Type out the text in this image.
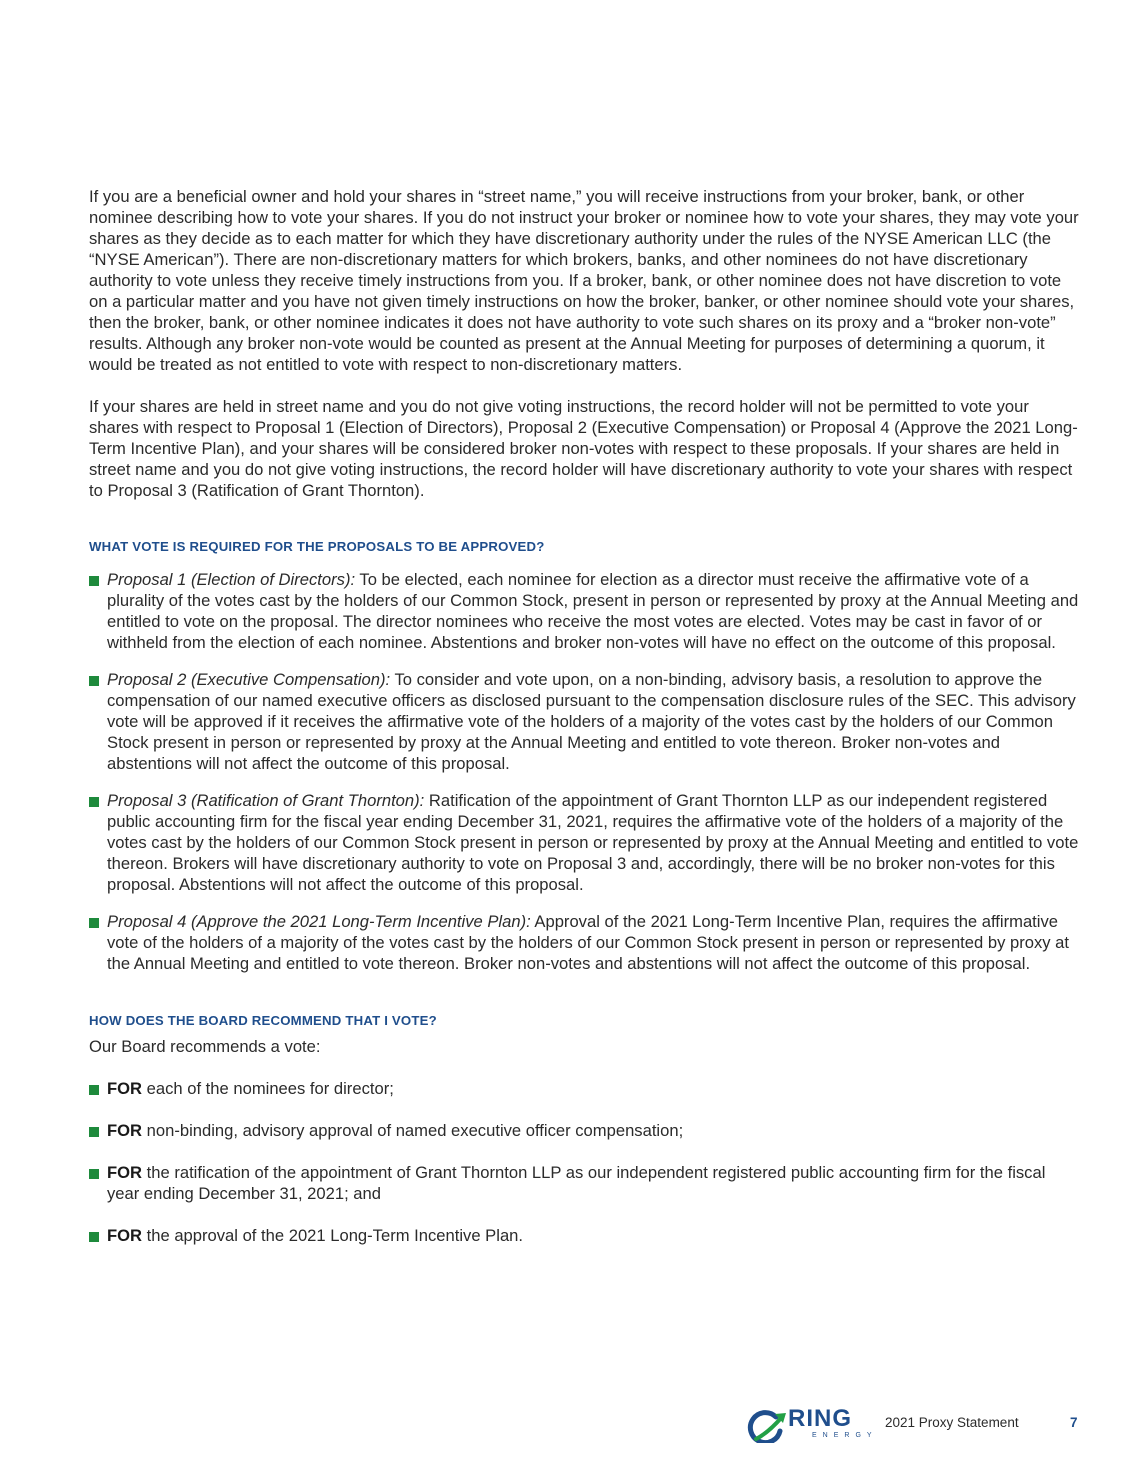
If you are a beneficial owner and hold your shares in “street name,” you will receive instructions from your broker, bank, or other nominee describing how to vote your shares. If you do not instruct your broker or nominee how to vote your shares, they may vote your shares as they decide as to each matter for which they have discretionary authority under the rules of the NYSE American LLC (the “NYSE American”). There are non-discretionary matters for which brokers, banks, and other nominees do not have discretionary authority to vote unless they receive timely instructions from you. If a broker, bank, or other nominee does not have discretion to vote on a particular matter and you have not given timely instructions on how the broker, banker, or other nominee should vote your shares, then the broker, bank, or other nominee indicates it does not have authority to vote such shares on its proxy and a “broker non-vote” results. Although any broker non-vote would be counted as present at the Annual Meeting for purposes of determining a quorum, it would be treated as not entitled to vote with respect to non-discretionary matters.

If your shares are held in street name and you do not give voting instructions, the record holder will not be permitted to vote your shares with respect to Proposal 1 (Election of Directors), Proposal 2 (Executive Compensation) or Proposal 4 (Approve the 2021 Long-Term Incentive Plan), and your shares will be considered broker non-votes with respect to these proposals. If your shares are held in street name and you do not give voting instructions, the record holder will have discretionary authority to vote your shares with respect to Proposal 3 (Ratification of Grant Thornton).

WHAT VOTE IS REQUIRED FOR THE PROPOSALS TO BE APPROVED?
Proposal 1 (Election of Directors): To be elected, each nominee for election as a director must receive the affirmative vote of a plurality of the votes cast by the holders of our Common Stock, present in person or represented by proxy at the Annual Meeting and entitled to vote on the proposal. The director nominees who receive the most votes are elected. Votes may be cast in favor of or withheld from the election of each nominee. Abstentions and broker non-votes will have no effect on the outcome of this proposal.
Proposal 2 (Executive Compensation): To consider and vote upon, on a non-binding, advisory basis, a resolution to approve the compensation of our named executive officers as disclosed pursuant to the compensation disclosure rules of the SEC. This advisory vote will be approved if it receives the affirmative vote of the holders of a majority of the votes cast by the holders of our Common Stock present in person or represented by proxy at the Annual Meeting and entitled to vote thereon. Broker non-votes and abstentions will not affect the outcome of this proposal.
Proposal 3 (Ratification of Grant Thornton): Ratification of the appointment of Grant Thornton LLP as our independent registered public accounting firm for the fiscal year ending December 31, 2021, requires the affirmative vote of the holders of a majority of the votes cast by the holders of our Common Stock present in person or represented by proxy at the Annual Meeting and entitled to vote thereon. Brokers will have discretionary authority to vote on Proposal 3 and, accordingly, there will be no broker non-votes for this proposal. Abstentions will not affect the outcome of this proposal.
Proposal 4 (Approve the 2021 Long-Term Incentive Plan): Approval of the 2021 Long-Term Incentive Plan, requires the affirmative vote of the holders of a majority of the votes cast by the holders of our Common Stock present in person or represented by proxy at the Annual Meeting and entitled to vote thereon. Broker non-votes and abstentions will not affect the outcome of this proposal.
HOW DOES THE BOARD RECOMMEND THAT I VOTE?

Our Board recommends a vote:

FOR each of the nominees for director;
FOR non-binding, advisory approval of named executive officer compensation;
FOR the ratification of the appointment of Grant Thornton LLP as our independent registered public accounting firm for the fiscal year ending December 31, 2021; and
FOR the approval of the 2021 Long-Term Incentive Plan.
RING
ENERGY
2021 Proxy Statement	7
